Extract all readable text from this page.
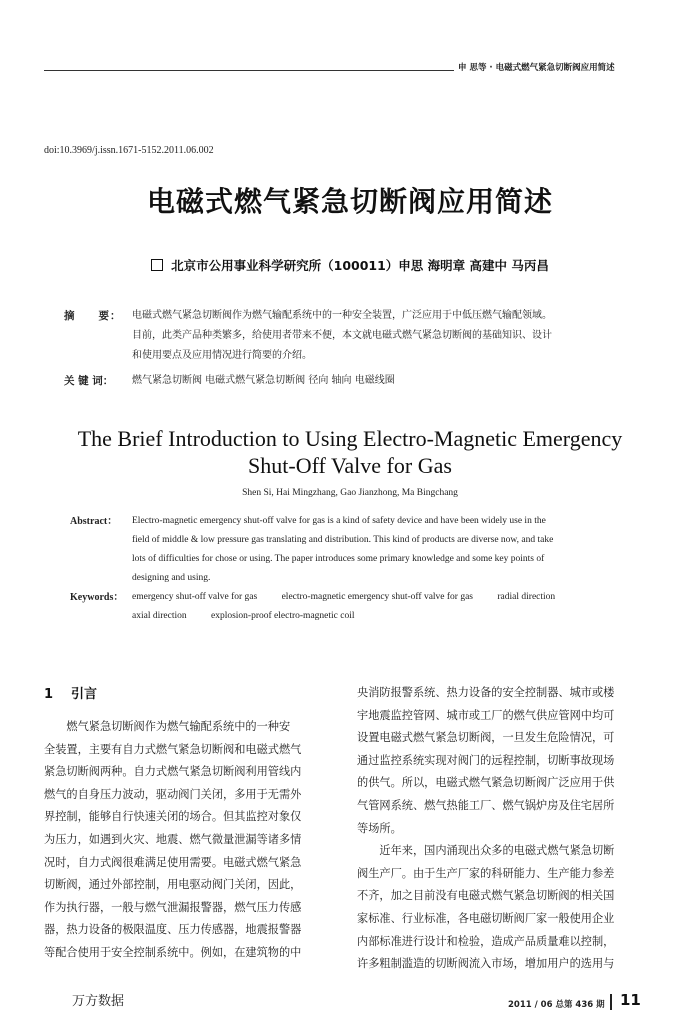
申 思等 · 电磁式燃气紧急切断阀应用简述
doi:10.3969/j.issn.1671-5152.2011.06.002
电磁式燃气紧急切断阀应用简述
北京市公用事业科学研究所（100011）申思 海明章 高建中 马丙昌
摘　　要： 电磁式燃气紧急切断阀作为燃气输配系统中的一种安全装置，广泛应用于中低压燃气输配领域。
目前，此类产品种类繁多，给使用者带来不便，本文就电磁式燃气紧急切断阀的基础知识、设计
和使用要点及应用情况进行简要的介绍。
关 键 词： 燃气紧急切断阀 电磁式燃气紧急切断阀 径向 轴向 电磁线圈
The Brief Introduction to Using Electro-Magnetic Emergency
Shut-Off Valve for Gas
Shen Si, Hai Mingzhang, Gao Jianzhong, Ma Bingchang
Abstract： Electro-magnetic emergency shut-off valve for gas is a kind of safety device and have been widely use in the
field of middle & low pressure gas translating and distribution. This kind of products are diverse now, and take
lots of difficulties for chose or using. The paper introduces some primary knowledge and some key points of
designing and using.
Keywords： emergency shut-off valve for gas	electro-magnetic emergency shut-off valve for gas	radial direction
axial direction	explosion-proof electro-magnetic coil
1 引言

燃气紧急切断阀作为燃气输配系统中的一种安
全装置，主要有自力式燃气紧急切断阀和电磁式燃气
紧急切断阀两种。自力式燃气紧急切断阀利用管线内
燃气的自身压力波动，驱动阀门关闭，多用于无需外
界控制，能够自行快速关闭的场合。但其监控对象仅
为压力，如遇到火灾、地震、燃气微量泄漏等诸多情
况时，自力式阀很难满足使用需要。电磁式燃气紧急
切断阀，通过外部控制，用电驱动阀门关闭，因此，
作为执行器，一般与燃气泄漏报警器，燃气压力传感
器，热力设备的极限温度、压力传感器，地震报警器
等配合使用于安全控制系统中。例如，在建筑物的中

央消防报警系统、热力设备的安全控制器、城市或楼
宇地震监控管网、城市或工厂的燃气供应管网中均可
设置电磁式燃气紧急切断阀，一旦发生危险情况，可
通过监控系统实现对阀门的远程控制，切断事故现场
的供气。所以，电磁式燃气紧急切断阀广泛应用于供
气管网系统、燃气热能工厂、燃气锅炉房及住宅居所
等场所。

近年来，国内涌现出众多的电磁式燃气紧急切断
阀生产厂。由于生产厂家的科研能力、生产能力参差
不齐，加之目前没有电磁式燃气紧急切断阀的相关国
家标准、行业标准，各电磁切断阀厂家一般使用企业
内部标准进行设计和检验，造成产品质量难以控制，
许多粗制滥造的切断阀流入市场，增加用户的选用与

万方数据	2011 / 06 总第 436 期 11
